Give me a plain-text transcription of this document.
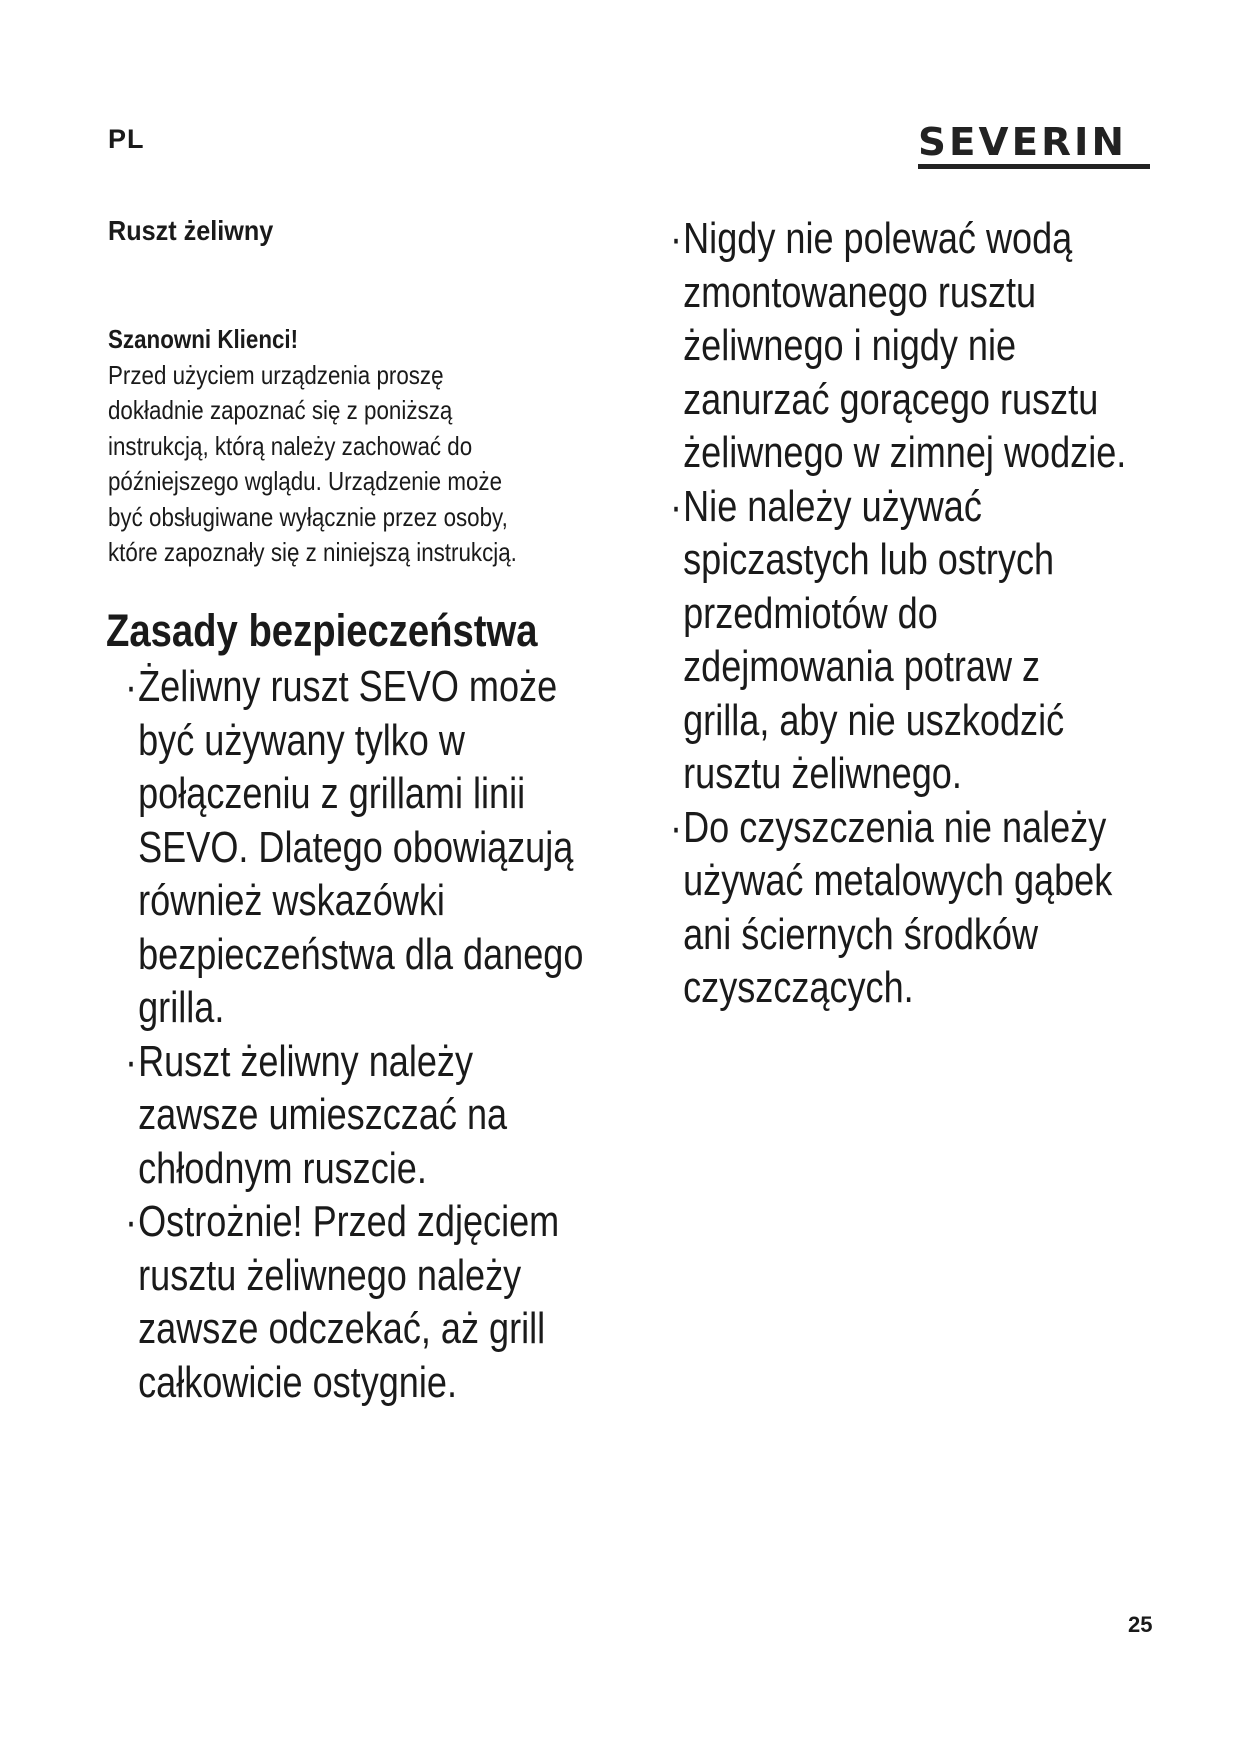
PL	SEVERIN
Ruszt żeliwny
Szanowni Klienci!
Przed użyciem urządzenia proszę
dokładnie zapoznać się z poniższą
instrukcją, którą należy zachować do
późniejszego wglądu. Urządzenie może
być obsługiwane wyłącznie przez osoby,
które zapoznały się z niniejszą instrukcją.
Zasady bezpieczeństwa
· Żeliwny ruszt SEVO może
być używany tylko w
połączeniu z grillami linii
SEVO. Dlatego obowiązują
również wskazówki
bezpieczeństwa dla danego
grilla.
· Ruszt żeliwny należy
zawsze umieszczać na
chłodnym ruszcie.
· Ostrożnie! Przed zdjęciem
rusztu żeliwnego należy
zawsze odczekać, aż grill
całkowicie ostygnie.
· Nigdy nie polewać wodą
zmontowanego rusztu
żeliwnego i nigdy nie
zanurzać gorącego rusztu
żeliwnego w zimnej wodzie.
· Nie należy używać
spiczastych lub ostrych
przedmiotów do
zdejmowania potraw z
grilla, aby nie uszkodzić
rusztu żeliwnego.
· Do czyszczenia nie należy
używać metalowych gąbek
ani ściernych środków
czyszczących.
25
